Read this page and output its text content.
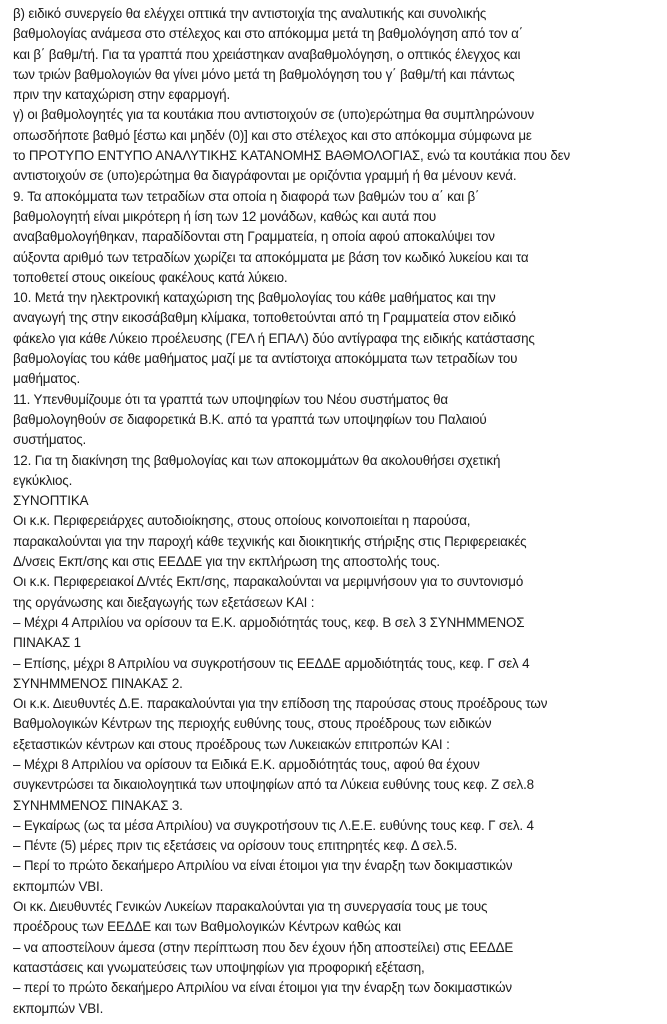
β) ειδικό συνεργείο θα ελέγχει οπτικά την αντιστοιχία της αναλυτικής και συνολικής
βαθμολογίας ανάμεσα στο στέλεχος και στο απόκομμα μετά τη βαθμολόγηση από τον α΄
και β΄ βαθμ/τή. Για τα γραπτά που χρειάστηκαν αναβαθμολόγηση, ο οπτικός έλεγχος και
των τριών βαθμολογιών θα γίνει μόνο μετά τη βαθμολόγηση του γ΄ βαθμ/τή και πάντως
πριν την καταχώριση στην εφαρμογή.
γ) οι βαθμολογητές για τα κουτάκια που αντιστοιχούν σε (υπο)ερώτημα θα συμπληρώνουν
οπωσδήποτε βαθμό [έστω και μηδέν (0)] και στο στέλεχος και στο απόκομμα σύμφωνα με
το ΠΡΟΤΥΠΟ ΕΝΤΥΠΟ ΑΝΑΛΥΤΙΚΗΣ ΚΑΤΑΝΟΜΗΣ ΒΑΘΜΟΛΟΓΙΑΣ, ενώ τα κουτάκια που δεν
αντιστοιχούν σε (υπο)ερώτημα θα διαγράφονται με οριζόντια γραμμή ή θα μένουν κενά.
9. Τα αποκόμματα των τετραδίων στα οποία η διαφορά των βαθμών του α΄ και β΄
βαθμολογητή είναι μικρότερη ή ίση των 12 μονάδων, καθώς και αυτά που
αναβαθμολογήθηκαν, παραδίδονται στη Γραμματεία, η οποία αφού αποκαλύψει τον
αύξοντα αριθμό των τετραδίων χωρίζει τα αποκόμματα με βάση τον κωδικό λυκείου και τα
τοποθετεί στους οικείους φακέλους κατά λύκειο.
10. Μετά την ηλεκτρονική καταχώριση της βαθμολογίας του κάθε μαθήματος και την
αναγωγή της στην εικοσάβαθμη κλίμακα, τοποθετούνται από τη Γραμματεία στον ειδικό
φάκελο για κάθε Λύκειο προέλευσης (ΓΕΛ ή ΕΠΑΛ) δύο αντίγραφα της ειδικής κατάστασης
βαθμολογίας του κάθε μαθήματος μαζί με τα αντίστοιχα αποκόμματα των τετραδίων του
μαθήματος.
11. Υπενθυμίζουμε ότι τα γραπτά των υποψηφίων του Νέου συστήματος θα
βαθμολογηθούν σε διαφορετικά Β.Κ. από τα γραπτά των υποψηφίων του Παλαιού
συστήματος.
12. Για τη διακίνηση της βαθμολογίας και των αποκομμάτων θα ακολουθήσει σχετική
εγκύκλιος.
ΣΥΝΟΠΤΙΚΑ
Οι κ.κ. Περιφερειάρχες αυτοδιοίκησης, στους οποίους κοινοποιείται η παρούσα,
παρακαλούνται για την παροχή κάθε τεχνικής και διοικητικής στήριξης στις Περιφερειακές
Δ/νσεις Εκπ/σης και στις ΕΕΔΔΕ για την εκπλήρωση της αποστολής τους.
Οι κ.κ. Περιφερειακοί Δ/ντές Εκπ/σης, παρακαλούνται να μεριμνήσουν για το συντονισμό
της οργάνωσης και διεξαγωγής των εξετάσεων ΚΑΙ :
– Μέχρι 4 Απριλίου να ορίσουν τα Ε.Κ. αρμοδιότητάς τους, κεφ. Β σελ 3 ΣΥΝΗΜΜΕΝΟΣ
ΠΙΝΑΚΑΣ 1
– Επίσης, μέχρι 8 Απριλίου να συγκροτήσουν τις ΕΕΔΔΕ αρμοδιότητάς τους, κεφ. Γ σελ 4
ΣΥΝΗΜΜΕΝΟΣ ΠΙΝΑΚΑΣ 2.
Οι κ.κ. Διευθυντές Δ.Ε. παρακαλούνται για την επίδοση της παρούσας στους προέδρους των
Βαθμολογικών Κέντρων της περιοχής ευθύνης τους, στους προέδρους των ειδικών
εξεταστικών κέντρων και στους προέδρους των Λυκειακών επιτροπών ΚΑΙ :
– Μέχρι 8 Απριλίου να ορίσουν τα Ειδικά Ε.Κ. αρμοδιότητάς τους, αφού θα έχουν
συγκεντρώσει τα δικαιολογητικά των υποψηφίων από τα Λύκεια ευθύνης τους κεφ. Ζ σελ.8
ΣΥΝΗΜΜΕΝΟΣ ΠΙΝΑΚΑΣ 3.
– Εγκαίρως (ως τα μέσα Απριλίου) να συγκροτήσουν τις Λ.Ε.Ε. ευθύνης τους κεφ. Γ σελ. 4
– Πέντε (5) μέρες πριν τις εξετάσεις να ορίσουν τους επιτηρητές κεφ. Δ σελ.5.
– Περί το πρώτο δεκαήμερο Απριλίου να είναι έτοιμοι για την έναρξη των δοκιμαστικών
εκπομπών VBI.
Οι κκ. Διευθυντές Γενικών Λυκείων παρακαλούνται για τη συνεργασία τους με τους
προέδρους των ΕΕΔΔΕ και των Βαθμολογικών Κέντρων καθώς και
– να αποστείλουν άμεσα (στην περίπτωση που δεν έχουν ήδη αποστείλει) στις ΕΕΔΔΕ
καταστάσεις και γνωματεύσεις των υποψηφίων για προφορική εξέταση,
– περί το πρώτο δεκαήμερο Απριλίου να είναι έτοιμοι για την έναρξη των δοκιμαστικών
εκπομπών VBI.
